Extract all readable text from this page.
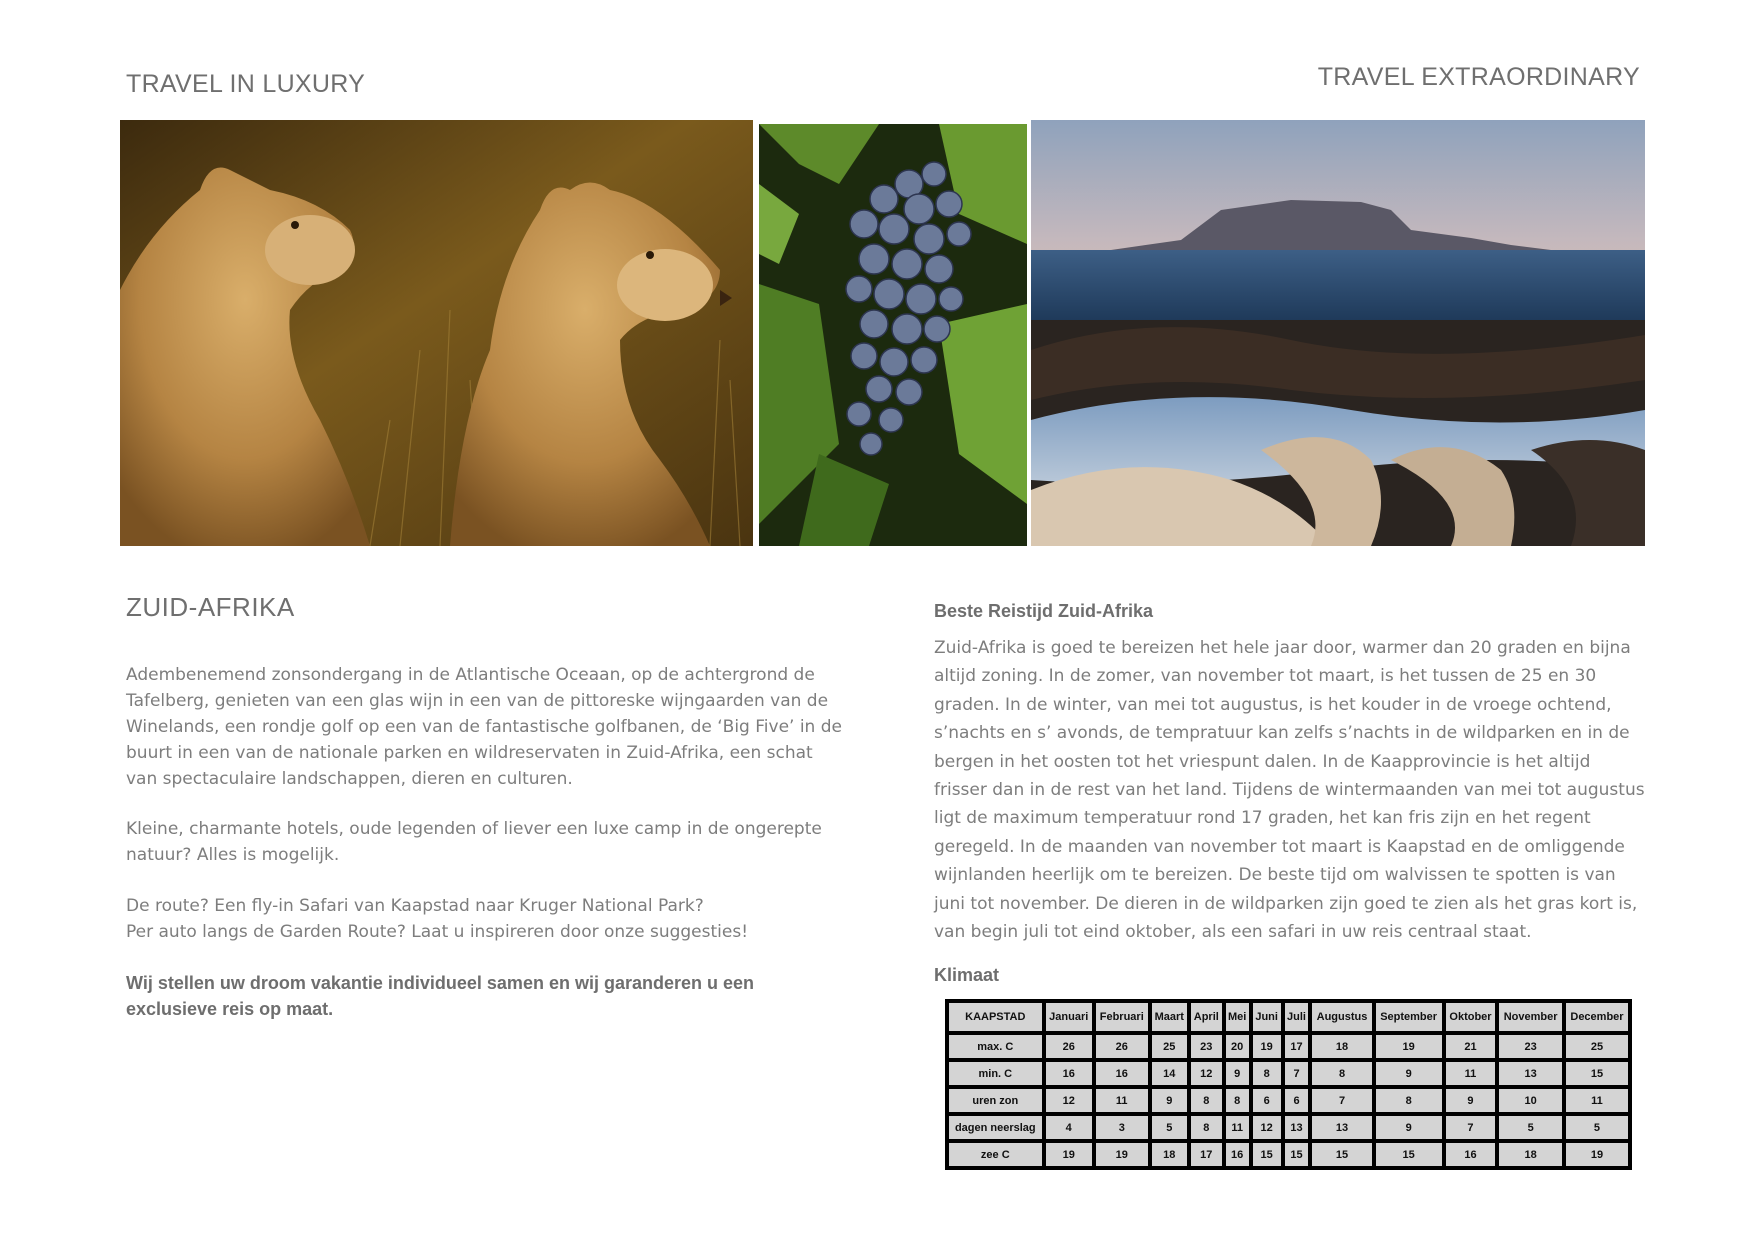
TRAVEL IN LUXURY	TRAVEL EXTRAORDINARY
ZUID-AFRIKA

Adembenemend zonsondergang in de Atlantische Oceaan, op de achtergrond de Tafelberg, genieten van een glas wijn in een van de pittoreske wijngaarden van de Winelands, een rondje golf op een van de fantastische golfbanen, de ‘Big Five’ in de buurt in een van de nationale parken en wildreservaten in Zuid-Afrika, een schat van spectaculaire landschappen, dieren en culturen.

Kleine, charmante hotels, oude legenden of liever een luxe camp in de ongerepte natuur? Alles is mogelijk.

De route? Een fly-in Safari van Kaapstad naar Kruger National Park?
Per auto langs de Garden Route? Laat u inspireren door onze suggesties!

Wij stellen uw droom vakantie individueel samen en wij garanderen u een exclusieve reis op maat.

Beste Reistijd Zuid-Afrika

Zuid-Afrika is goed te bereizen het hele jaar door, warmer dan 20 graden en bijna altijd zoning. In de zomer, van november tot maart, is het tussen de 25 en 30 graden. In de winter, van mei tot augustus, is het kouder in de vroege ochtend, s’nachts en s’ avonds, de tempratuur kan zelfs s’nachts in de wildparken en in de bergen in het oosten tot het vriespunt dalen. In de Kaapprovincie is het altijd frisser dan in de rest van het land. Tijdens de wintermaanden van mei tot augustus ligt de maximum temperatuur rond 17 graden, het kan fris zijn en het regent geregeld. In de maanden van november tot maart is Kaapstad en de omliggende wijnlanden heerlijk om te bereizen. De beste tijd om walvissen te spotten is van juni tot november. De dieren in de wildparken zijn goed te zien als het gras kort is, van begin juli tot eind oktober, als een safari in uw reis centraal staat.

Klimaat
KAAPSTAD	Januari	Februari	Maart	April	Mei	Juni	Juli	Augustus	September	Oktober	November	December
max. C	26	26	25	23	20	19	17	18	19	21	23	25
min. C	16	16	14	12	9	8	7	8	9	11	13	15
uren zon	12	11	9	8	8	6	6	7	8	9	10	11
dagen neerslag	4	3	5	8	11	12	13	13	9	7	5	5
zee C	19	19	18	17	16	15	15	15	15	16	18	19
